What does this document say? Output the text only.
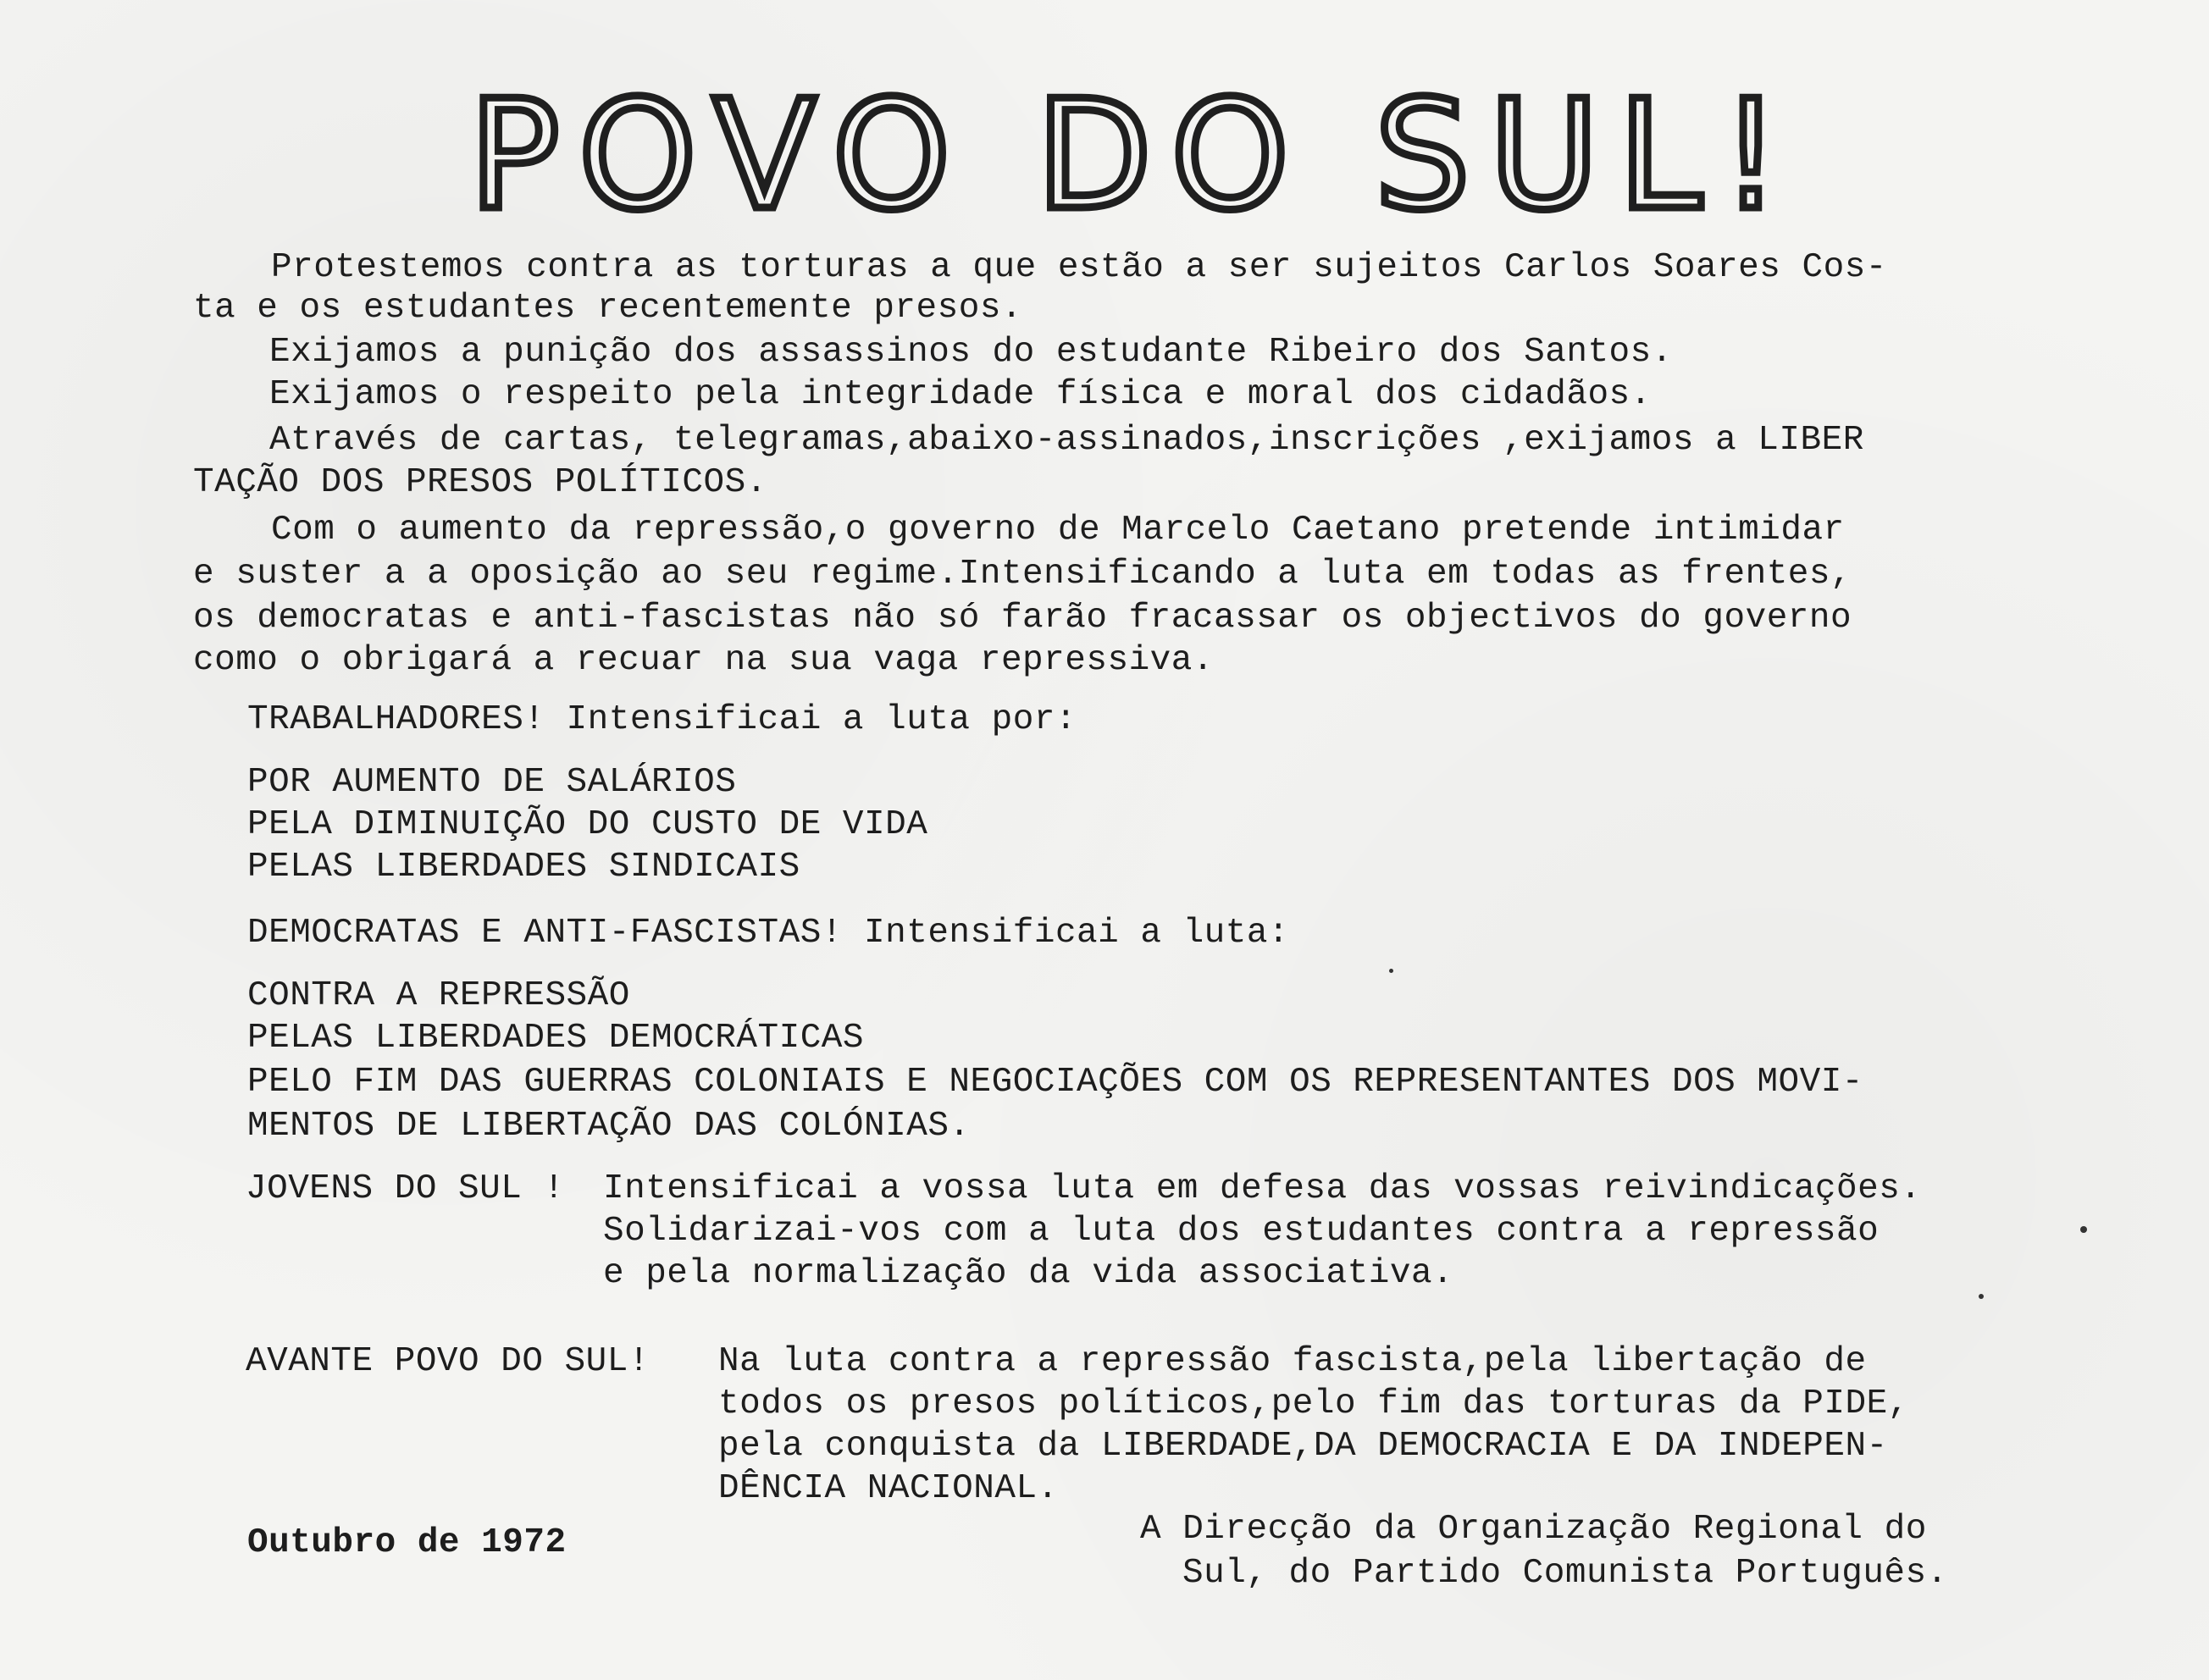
POVO DO SUL!
Protestemos contra as torturas a que estão a ser sujeitos Carlos Soares Cos-
ta e os estudantes recentemente presos.
Exijamos a punição dos assassinos do estudante Ribeiro dos Santos.
Exijamos o respeito pela integridade física e moral dos cidadãos.
Através de cartas, telegramas,abaixo-assinados,inscrições ,exijamos a LIBER
TAÇÃO DOS PRESOS POLÍTICOS.
Com o aumento da repressão,o governo de Marcelo Caetano pretende intimidar
e suster a a oposição ao seu regime.Intensificando a luta em todas as frentes,
os democratas e anti-fascistas não só farão fracassar os objectivos do governo
como o obrigará a recuar na sua vaga repressiva.
TRABALHADORES! Intensificai a luta por:
POR AUMENTO DE SALÁRIOS
PELA DIMINUIÇÃO DO CUSTO DE VIDA
PELAS LIBERDADES SINDICAIS
DEMOCRATAS E ANTI-FASCISTAS! Intensificai a luta:
CONTRA A REPRESSÃO
PELAS LIBERDADES DEMOCRÁTICAS
PELO FIM DAS GUERRAS COLONIAIS E NEGOCIAÇÕES COM OS REPRESENTANTES DOS MOVI-
MENTOS DE LIBERTAÇÃO DAS COLÓNIAS.
JOVENS DO SUL ! Intensificai a vossa luta em defesa das vossas reivindicações.
Solidarizai-vos com a luta dos estudantes contra a repressão
e pela normalização da vida associativa.
AVANTE POVO DO SUL! Na luta contra a repressão fascista,pela libertação de
todos os presos políticos,pelo fim das torturas da PIDE,
pela conquista da LIBERDADE,DA DEMOCRACIA E DA INDEPEN-
DÊNCIA NACIONAL.
Outubro de 1972	A Direcção da Organização Regional do
Sul, do Partido Comunista Português.
